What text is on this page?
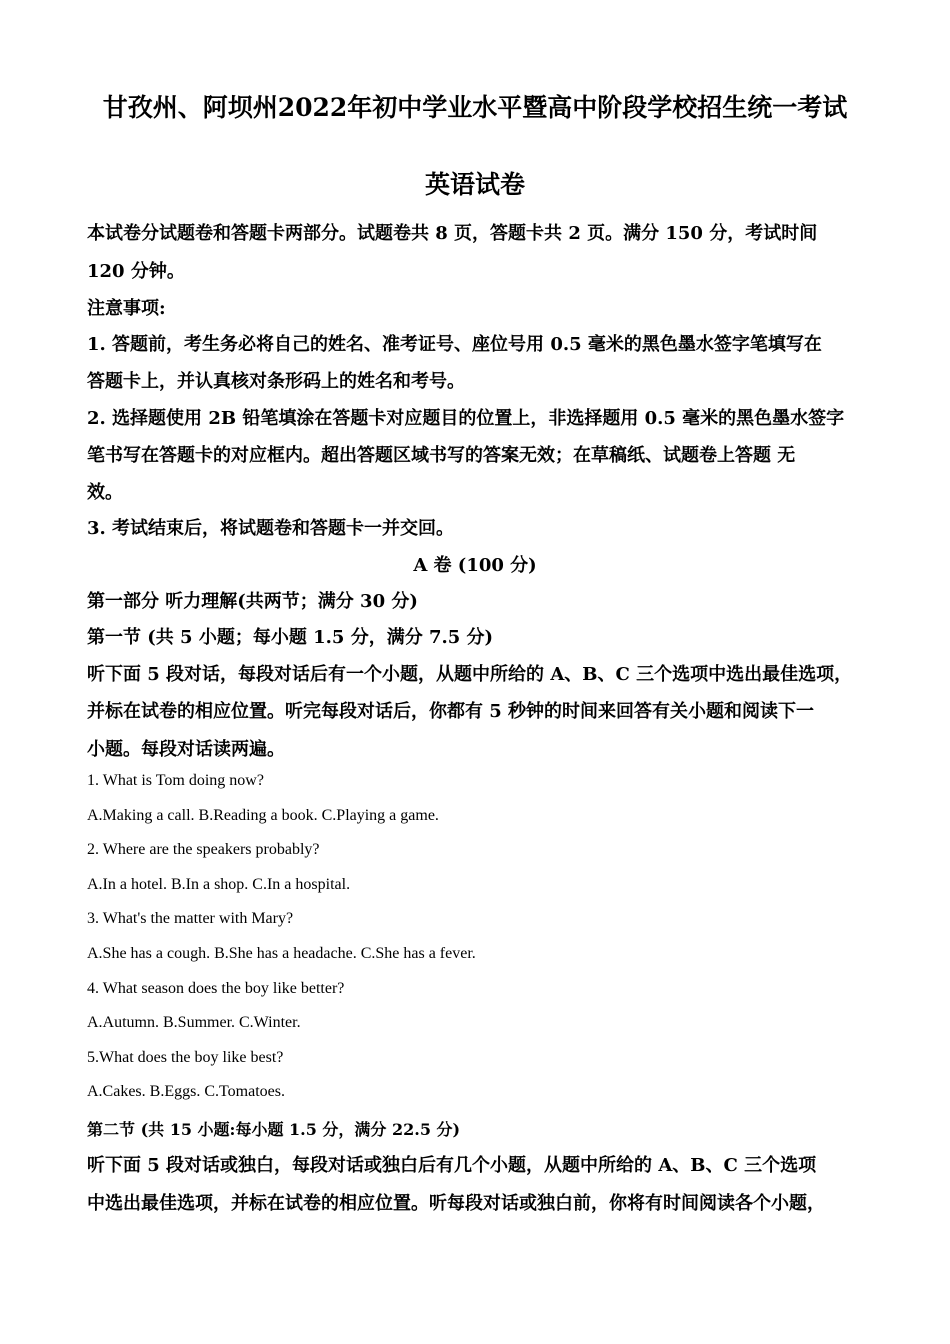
甘孜州、阿坝州2022年初中学业水平暨高中阶段学校招生统一考试
英语试卷
本试卷分试题卷和答题卡两部分。试题卷共 8 页，答题卡共 2 页。满分 150 分，考试时间
120 分钟。
注意事项:
1. 答题前，考生务必将自己的姓名、准考证号、座位号用 0.5 毫米的黑色墨水签字笔填写在
答题卡上，并认真核对条形码上的姓名和考号。
2. 选择题使用 2B 铅笔填涂在答题卡对应题目的位置上，非选择题用 0.5 毫米的黑色墨水签字
笔书写在答题卡的对应框内。超出答题区域书写的答案无效；在草稿纸、试题卷上答题 无
效。
3. 考试结束后，将试题卷和答题卡一并交回。
A 卷 (100 分)
第一部分 听力理解(共两节；满分 30 分)
第一节 (共 5 小题；每小题 1.5 分，满分 7.5 分)
听下面 5 段对话，每段对话后有一个小题，从题中所给的 A、B、C 三个选项中选出最佳选项，
并标在试卷的相应位置。听完每段对话后，你都有 5 秒钟的时间来回答有关小题和阅读下一
小题。每段对话读两遍。
1. What is Tom doing now?
A.Making a call. B.Reading a book. C.Playing a game.
2. Where are the speakers probably?
A.In a hotel. B.In a shop. C.In a hospital.
3. What's the matter with Mary?
A.She has a cough. B.She has a headache. C.She has a fever.
4. What season does the boy like better?
A.Autumn. B.Summer. C.Winter.
5.What does the boy like best?
A.Cakes. B.Eggs. C.Tomatoes.
第二节 (共 15 小题:每小题 1.5 分，满分 22.5 分)
听下面 5 段对话或独白，每段对话或独白后有几个小题，从题中所给的 A、B、C 三个选项
中选出最佳选项，并标在试卷的相应位置。听每段对话或独白前，你将有时间阅读各个小题，
